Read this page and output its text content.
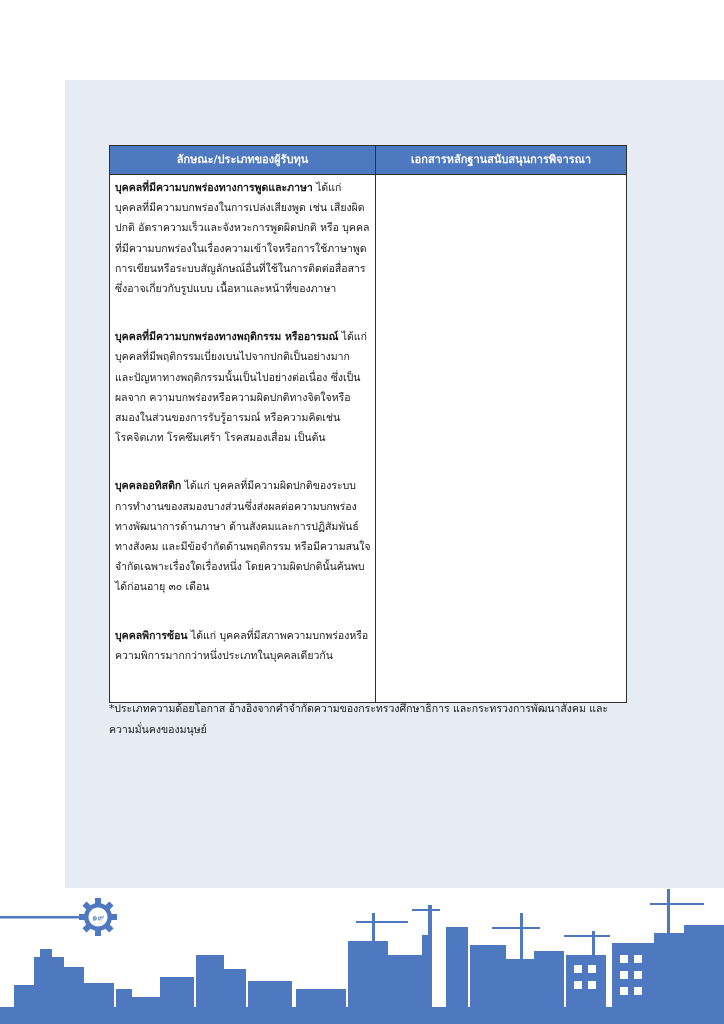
ลักษณะ/ประเภทของผู้รับทุน	เอกสารหลักฐานสนับสนุนการพิจารณา

บุคคลที่มีความบกพร่องทางการพูดและภาษา ได้แก่ บุคคลที่มีความบกพร่องในการเปล่งเสียงพูด เช่น เสียงผิดปกติ อัตราความเร็วและจังหวะการพูดผิดปกติ หรือ บุคคลที่มีความบกพร่องในเรื่องความเข้าใจหรือการใช้ภาษาพูด การเขียนหรือระบบสัญลักษณ์อื่นที่ใช้ในการติดต่อสื่อสาร ซึ่งอาจเกี่ยวกับรูปแบบ เนื้อหาและหน้าที่ของภาษา

บุคคลที่มีความบกพร่องทางพฤติกรรม หรืออารมณ์ ได้แก่ บุคคลที่มีพฤติกรรมเบี่ยงเบนไปจากปกติเป็นอย่างมาก และปัญหาทางพฤติกรรมนั้นเป็นไปอย่างต่อเนื่อง ซึ่งเป็นผลจาก ความบกพร่องหรือความผิดปกติทางจิตใจหรือสมองในส่วนของการรับรู้อารมณ์ หรือความคิดเช่น โรคจิตเภท โรคซึมเศร้า โรคสมองเสื่อม เป็นต้น

บุคคลออทิสติก ได้แก่ บุคคลที่มีความผิดปกติของระบบการทำงานของสมองบางส่วนซึ่งส่งผลต่อความบกพร่องทางพัฒนาการด้านภาษา ด้านสังคมและการปฏิสัมพันธ์ทางสังคม และมีข้อจำกัดด้านพฤติกรรม หรือมีความสนใจจำกัดเฉพาะเรื่องใดเรื่องหนึ่ง โดยความผิดปกตินั้นค้นพบได้ก่อนอายุ ๓๐ เดือน

บุคคลพิการซ้อน ได้แก่ บุคคลที่มีสภาพความบกพร่องหรือความพิการมากกว่าหนึ่งประเภทในบุคคลเดียวกัน	

*ประเภทความด้อยโอกาส อ้างอิงจากคำจำกัดความของกระทรวงศึกษาธิการ และกระทรวงการพัฒนาสังคม และความมั่นคงของมนุษย์
๑๙
